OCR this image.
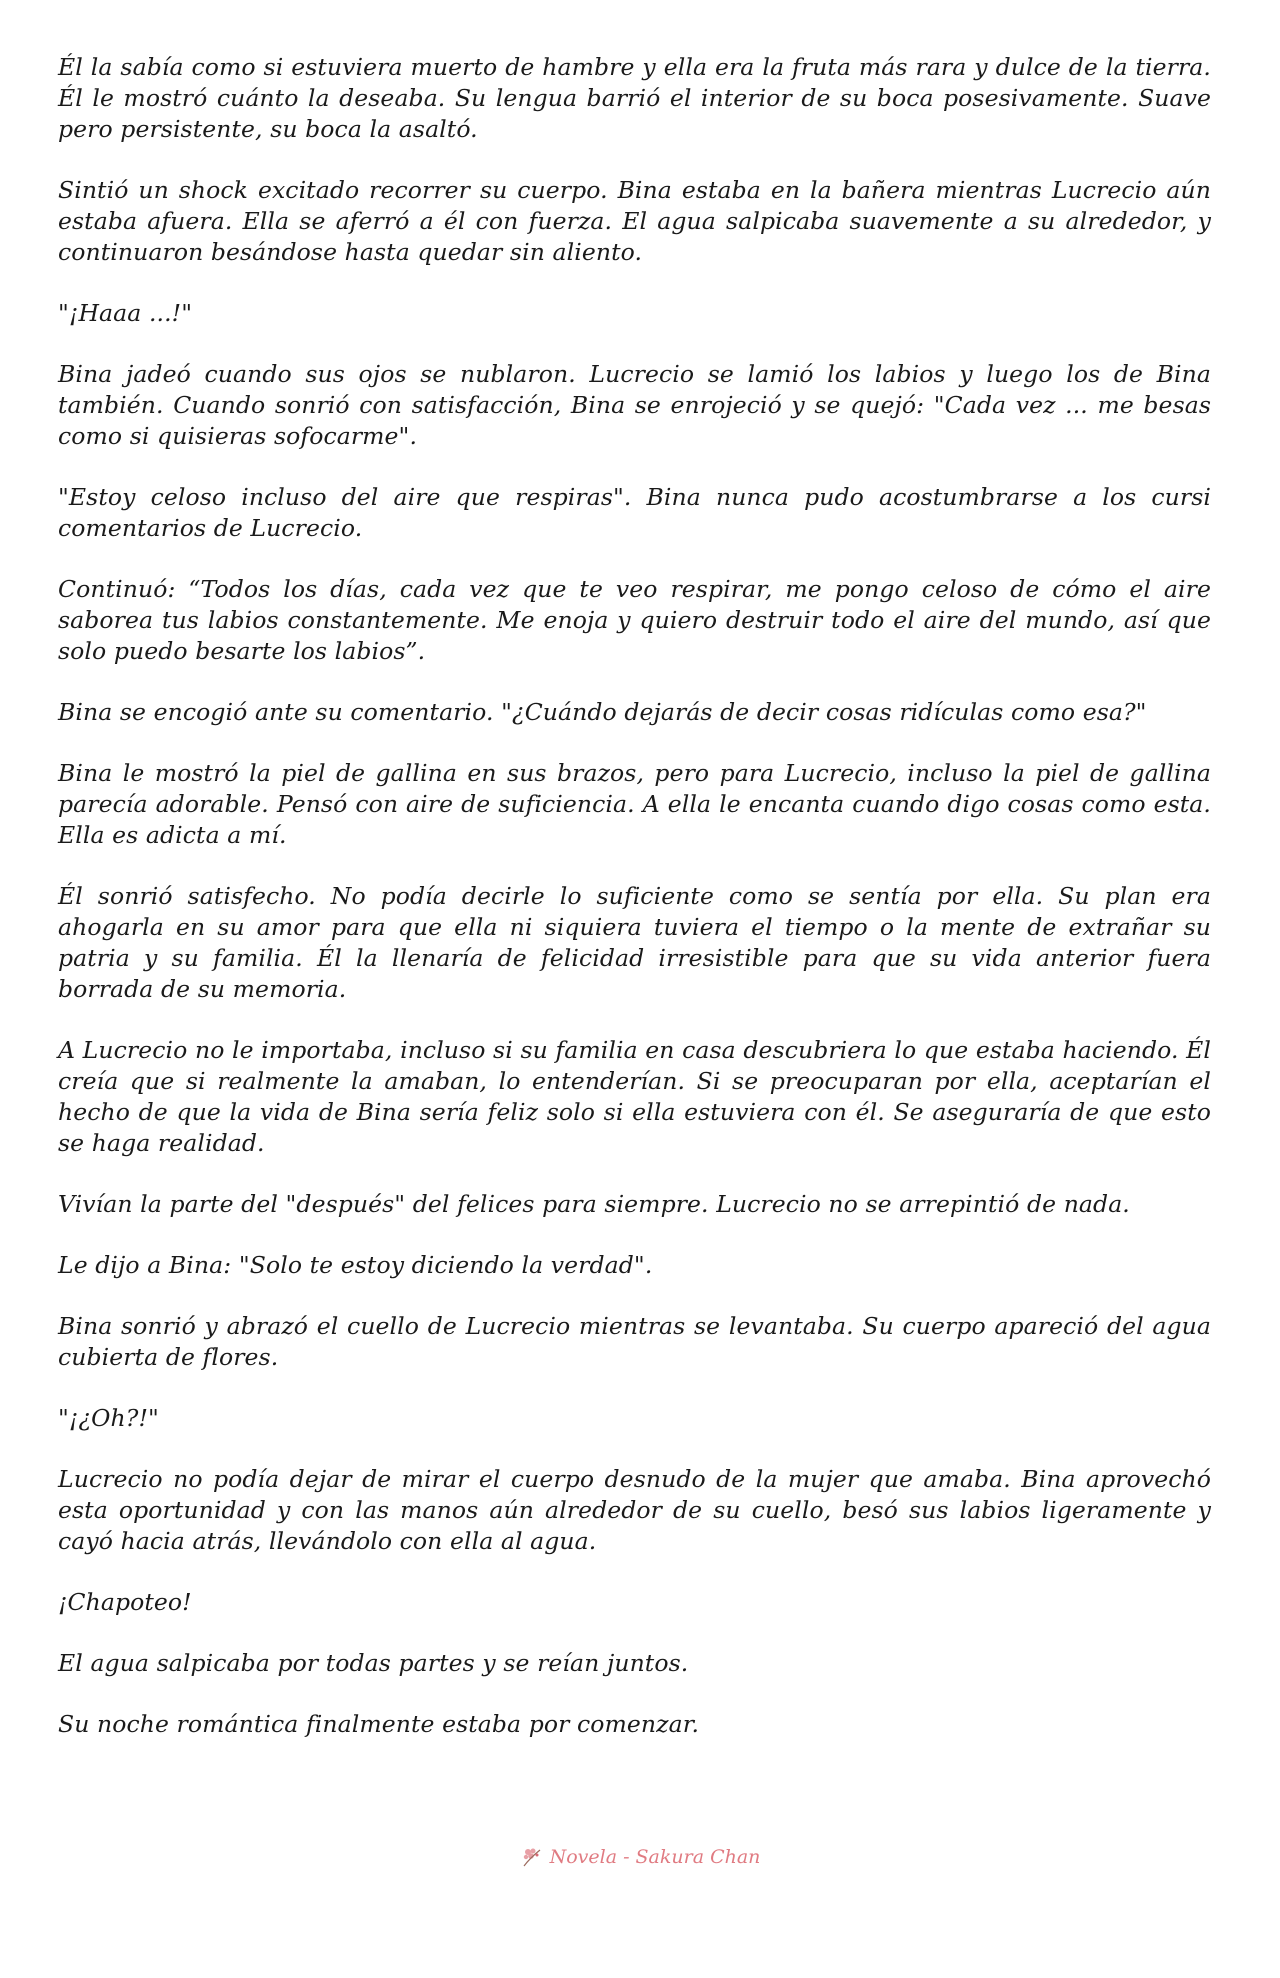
Él la sabía como si estuviera muerto de hambre y ella era la fruta más rara y dulce de la tierra. Él le mostró cuánto la deseaba. Su lengua barrió el interior de su boca posesivamente. Suave pero persistente, su boca la asaltó.

Sintió un shock excitado recorrer su cuerpo. Bina estaba en la bañera mientras Lucrecio aún estaba afuera. Ella se aferró a él con fuerza. El agua salpicaba suavemente a su alrededor, y continuaron besándose hasta quedar sin aliento.

"¡Haaa ...!"

Bina jadeó cuando sus ojos se nublaron. Lucrecio se lamió los labios y luego los de Bina también. Cuando sonrió con satisfacción, Bina se enrojeció y se quejó: "Cada vez ... me besas como si quisieras sofocarme".

"Estoy celoso incluso del aire que respiras". Bina nunca pudo acostumbrarse a los cursi comentarios de Lucrecio.

Continuó: “Todos los días, cada vez que te veo respirar, me pongo celoso de cómo el aire saborea tus labios constantemente. Me enoja y quiero destruir todo el aire del mundo, así que solo puedo besarte los labios”.

Bina se encogió ante su comentario. "¿Cuándo dejarás de decir cosas ridículas como esa?"

Bina le mostró la piel de gallina en sus brazos, pero para Lucrecio, incluso la piel de gallina parecía adorable. Pensó con aire de suficiencia. A ella le encanta cuando digo cosas como esta. Ella es adicta a mí.

Él sonrió satisfecho. No podía decirle lo suficiente como se sentía por ella. Su plan era ahogarla en su amor para que ella ni siquiera tuviera el tiempo o la mente de extrañar su patria y su familia. Él la llenaría de felicidad irresistible para que su vida anterior fuera borrada de su memoria.

A Lucrecio no le importaba, incluso si su familia en casa descubriera lo que estaba haciendo. Él creía que si realmente la amaban, lo entenderían. Si se preocuparan por ella, aceptarían el hecho de que la vida de Bina sería feliz solo si ella estuviera con él. Se aseguraría de que esto se haga realidad.

Vivían la parte del "después" del felices para siempre. Lucrecio no se arrepintió de nada.

Le dijo a Bina: "Solo te estoy diciendo la verdad".

Bina sonrió y abrazó el cuello de Lucrecio mientras se levantaba. Su cuerpo apareció del agua cubierta de flores.

"¡¿Oh?!"

Lucrecio no podía dejar de mirar el cuerpo desnudo de la mujer que amaba. Bina aprovechó esta oportunidad y con las manos aún alrededor de su cuello, besó sus labios ligeramente y cayó hacia atrás, llevándolo con ella al agua.

¡Chapoteo!

El agua salpicaba por todas partes y se reían juntos.

Su noche romántica finalmente estaba por comenzar.

Novela - Sakura Chan
